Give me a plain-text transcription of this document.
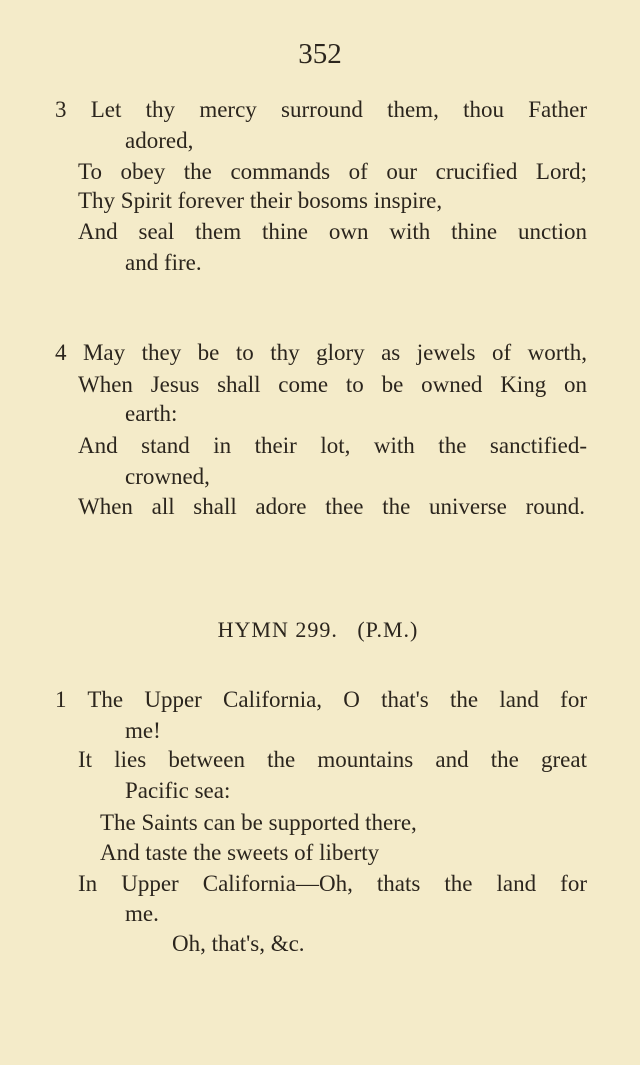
352
3 Let thy mercy surround them, thou Father
adored,
To obey the commands of our crucified Lord;
Thy Spirit forever their bosoms inspire,
And seal them thine own with thine unction
and fire.
4 May they be to thy glory as jewels of worth,
When Jesus shall come to be owned King on
earth:
And stand in their lot, with the sanctified-
crowned,
When all shall adore thee the universe round.
HYMN 299.   (P.M.)
1 The Upper California, O that's the land for
me!
It lies between the mountains and the great
Pacific sea:
The Saints can be supported there,
And taste the sweets of liberty
In Upper California—Oh, thats the land for
me.
Oh, that's, &c.
